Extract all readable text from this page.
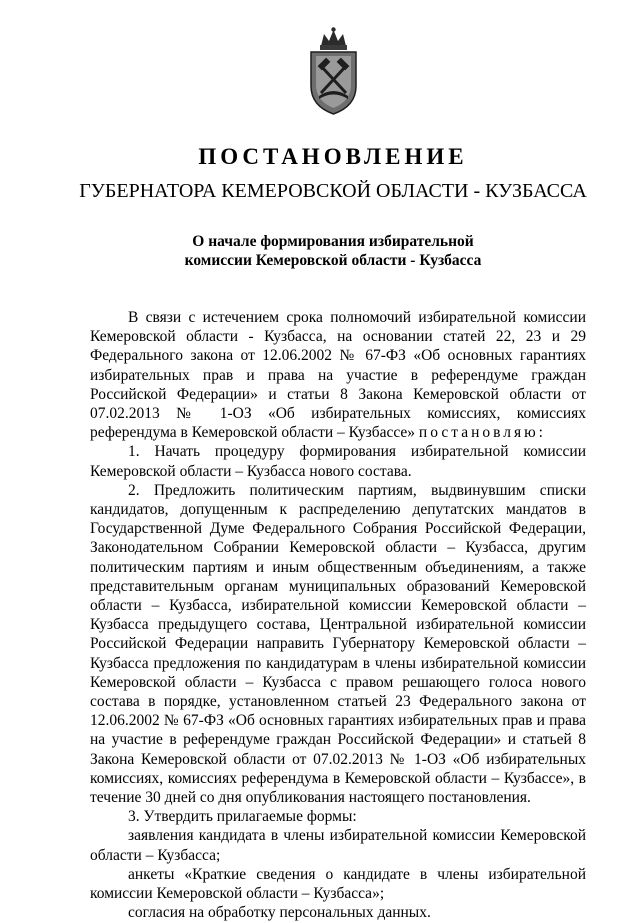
ПОСТАНОВЛЕНИЕ
ГУБЕРНАТОРА КЕМЕРОВСКОЙ ОБЛАСТИ - КУЗБАССА
О начале формирования избирательной
комиссии Кемеровской области - Кузбасса

В связи с истечением срока полномочий избирательной комиссии Кемеровской области - Кузбасса, на основании статей 22, 23 и 29 Федерального закона от 12.06.2002 № 67-ФЗ «Об основных гарантиях избирательных прав и права на участие в референдуме граждан Российской Федерации» и статьи 8 Закона Кемеровской области от 07.02.2013 № 1-ОЗ «Об избирательных комиссиях, комиссиях референдума в Кемеровской области – Кузбассе» постановляю:

1. Начать процедуру формирования избирательной комиссии Кемеровской области – Кузбасса нового состава.

2. Предложить политическим партиям, выдвинувшим списки кандидатов, допущенным к распределению депутатских мандатов в Государственной Думе Федерального Собрания Российской Федерации, Законодательном Собрании Кемеровской области – Кузбасса, другим политическим партиям и иным общественным объединениям, а также представительным органам муниципальных образований Кемеровской области – Кузбасса, избирательной комиссии Кемеровской области – Кузбасса предыдущего состава, Центральной избирательной комиссии Российской Федерации направить Губернатору Кемеровской области – Кузбасса предложения по кандидатурам в члены избирательной комиссии Кемеровской области – Кузбасса с правом решающего голоса нового состава в порядке, установленном статьей 23 Федерального закона от 12.06.2002 № 67-ФЗ «Об основных гарантиях избирательных прав и права на участие в референдуме граждан Российской Федерации» и статьей 8 Закона Кемеровской области от 07.02.2013 № 1-ОЗ «Об избирательных комиссиях, комиссиях референдума в Кемеровской области – Кузбассе», в течение 30 дней со дня опубликования настоящего постановления.

3. Утвердить прилагаемые формы:

заявления кандидата в члены избирательной комиссии Кемеровской области – Кузбасса;

анкеты «Краткие сведения о кандидате в члены избирательной комиссии Кемеровской области – Кузбасса»;

согласия на обработку персональных данных.
